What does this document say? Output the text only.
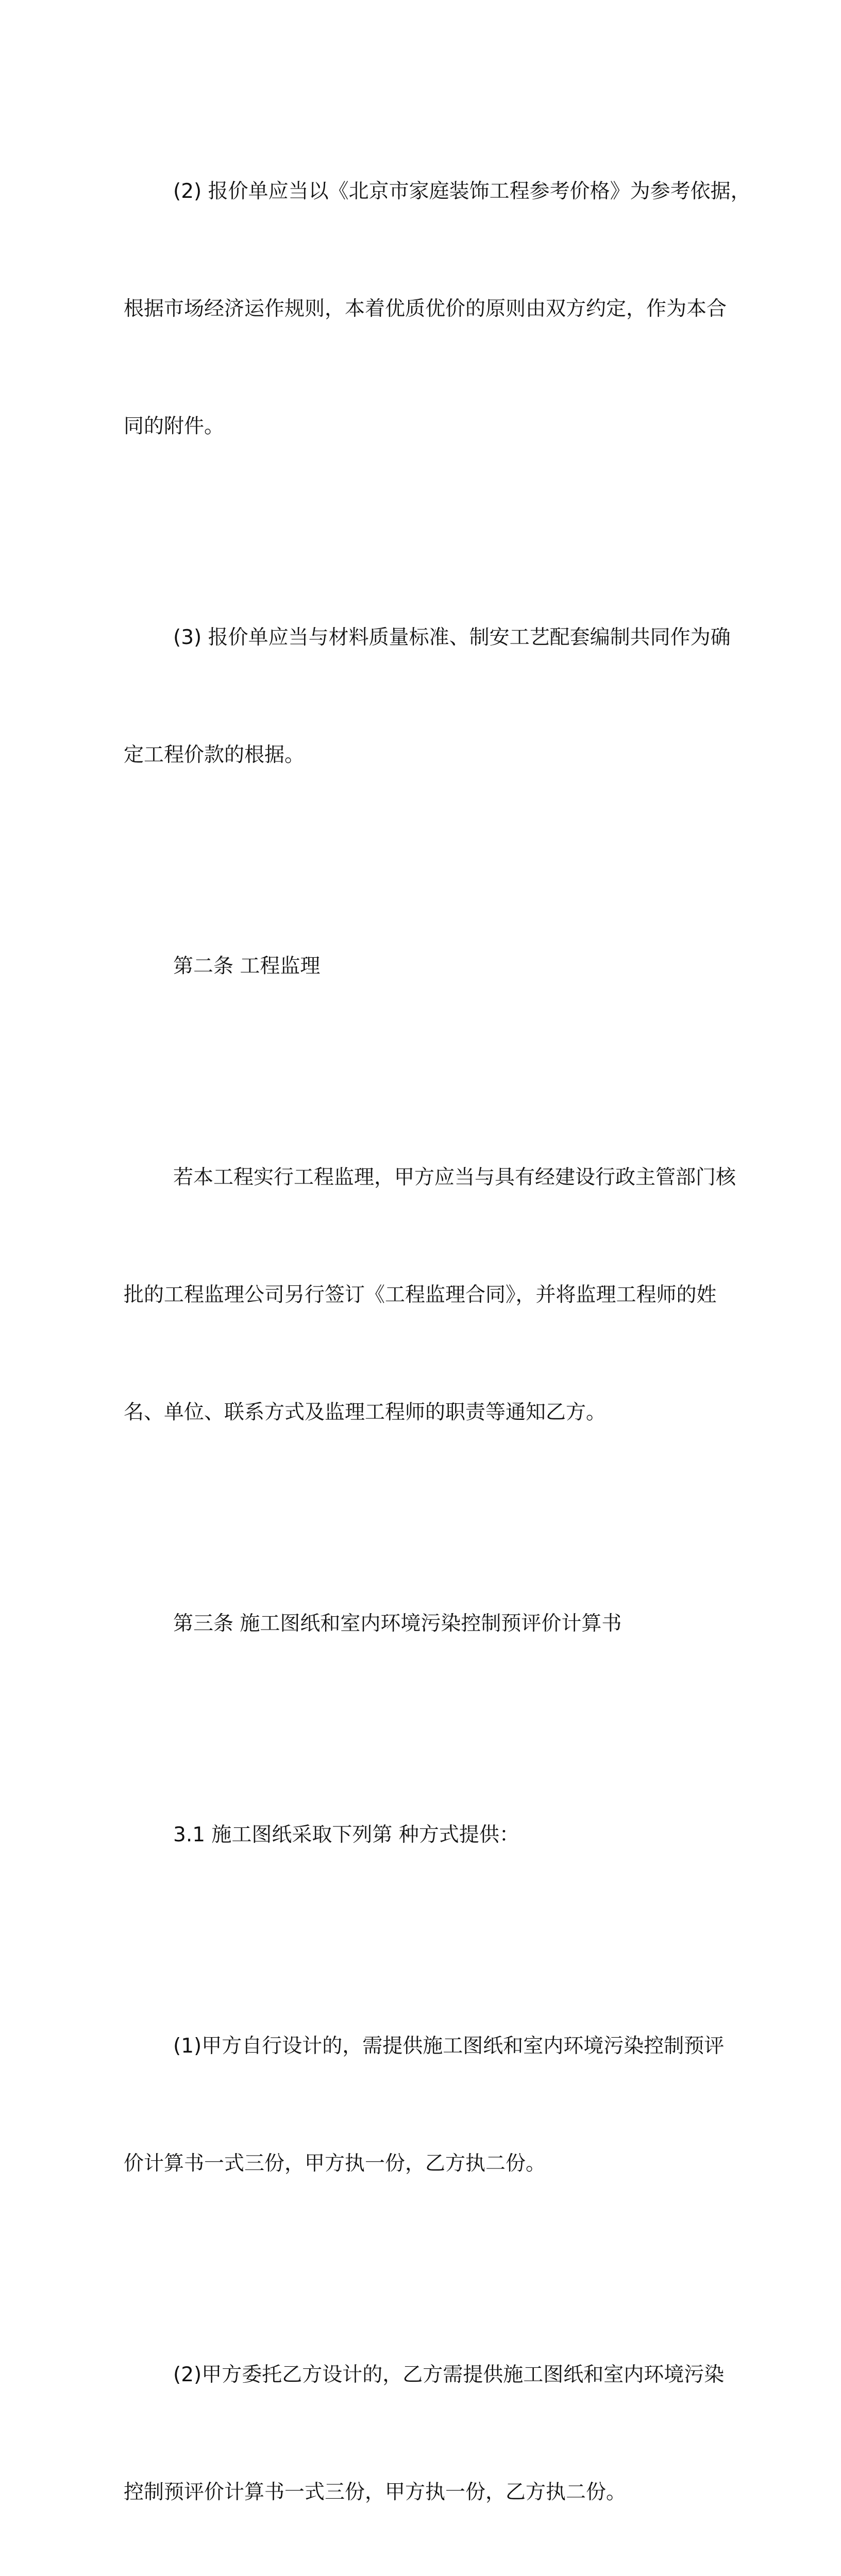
(2) 报价单应当以《北京市家庭装饰工程参考价格》为参考依据，

根据市场经济运作规则，本着优质优价的原则由双方约定，作为本合

同的附件。

(3) 报价单应当与材料质量标准、制安工艺配套编制共同作为确

定工程价款的根据。

第二条 工程监理

若本工程实行工程监理，甲方应当与具有经建设行政主管部门核

批的工程监理公司另行签订《工程监理合同》，并将监理工程师的姓

名、单位、联系方式及监理工程师的职责等通知乙方。

第三条 施工图纸和室内环境污染控制预评价计算书

3.1 施工图纸采取下列第 种方式提供：

(1)甲方自行设计的，需提供施工图纸和室内环境污染控制预评

价计算书一式三份，甲方执一份，乙方执二份。

(2)甲方委托乙方设计的，乙方需提供施工图纸和室内环境污染

控制预评价计算书一式三份，甲方执一份，乙方执二份。
